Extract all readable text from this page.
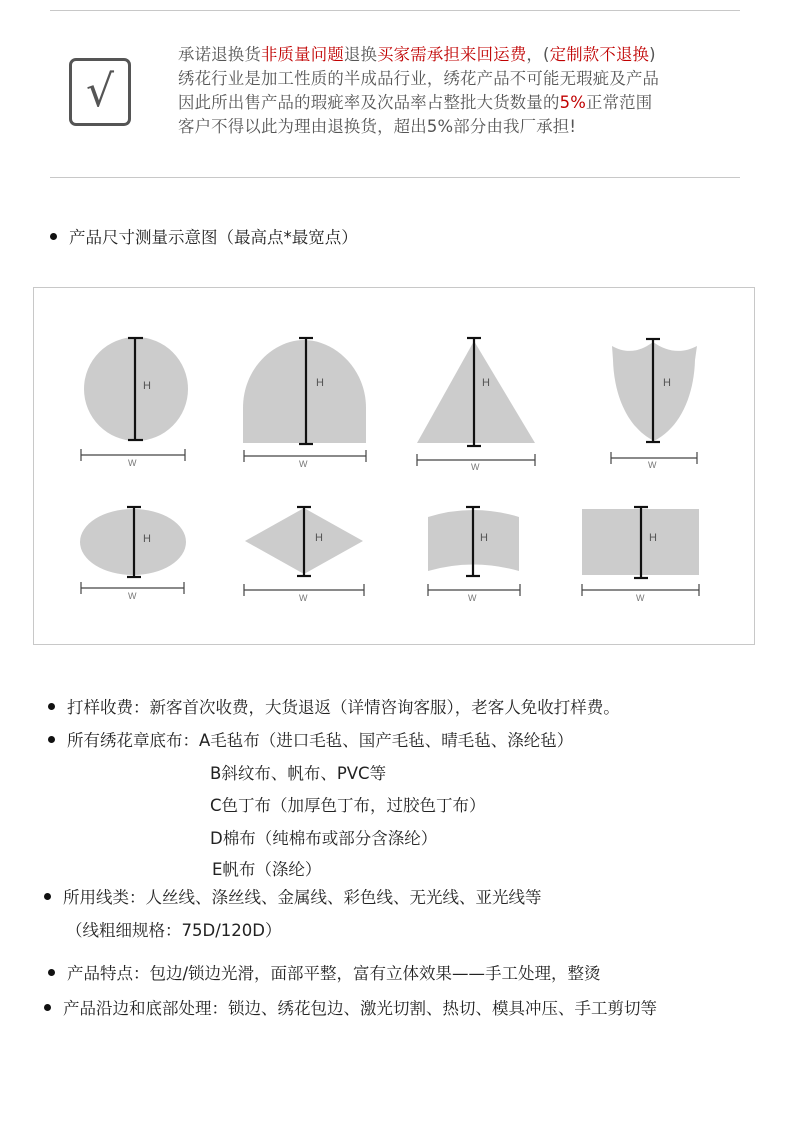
√
承诺退换货非质量问题退换买家需承担来回运费，(定制款不退换)
绣花行业是加工性质的半成品行业，绣花产品不可能无瑕疵及产品
因此所出售产品的瑕疵率及次品率占整批大货数量的5%正常范围
客户不得以此为理由退换货，超出5%部分由我厂承担!
产品尺寸测量示意图（最高点*最宽点）
H
W
H
W
H
W
H
W
H
W
H
W
H
W
H
W
打样收费：新客首次收费，大货退返（详情咨询客服），老客人免收打样费。
所有绣花章底布：A毛毡布（进口毛毡、国产毛毡、晴毛毡、涤纶毡）
B斜纹布、帆布、PVC等
C色丁布（加厚色丁布，过胶色丁布）
D棉布（纯棉布或部分含涤纶）
E帆布（涤纶）
所用线类：人丝线、涤丝线、金属线、彩色线、无光线、亚光线等
（线粗细规格：75D/120D）
产品特点：包边/锁边光滑，面部平整，富有立体效果——手工处理，整烫
产品沿边和底部处理：锁边、绣花包边、激光切割、热切、模具冲压、手工剪切等
